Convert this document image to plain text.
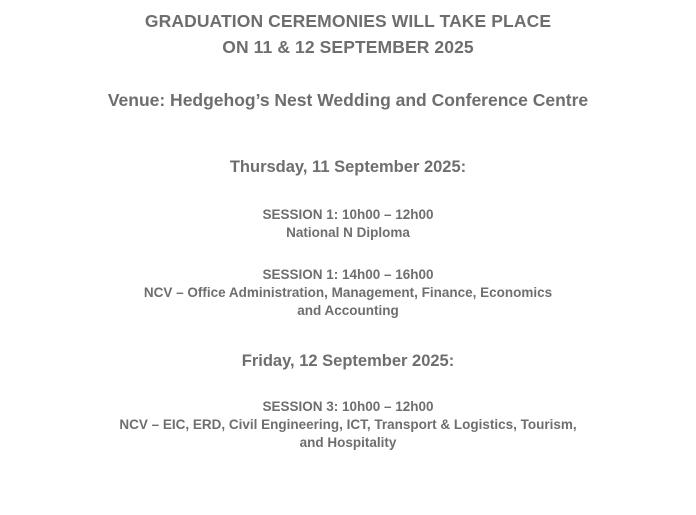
GRADUATION CEREMONIES WILL TAKE PLACE
ON 11 & 12 SEPTEMBER 2025
Venue: Hedgehog’s Nest Wedding and Conference Centre
Thursday, 11 September 2025:
SESSION 1: 10h00 – 12h00
National N Diploma
SESSION 1: 14h00 – 16h00
NCV – Office Administration, Management, Finance, Economics
and Accounting
Friday, 12 September 2025:
SESSION 3: 10h00 – 12h00
NCV – EIC, ERD, Civil Engineering, ICT, Transport & Logistics, Tourism,
and Hospitality
